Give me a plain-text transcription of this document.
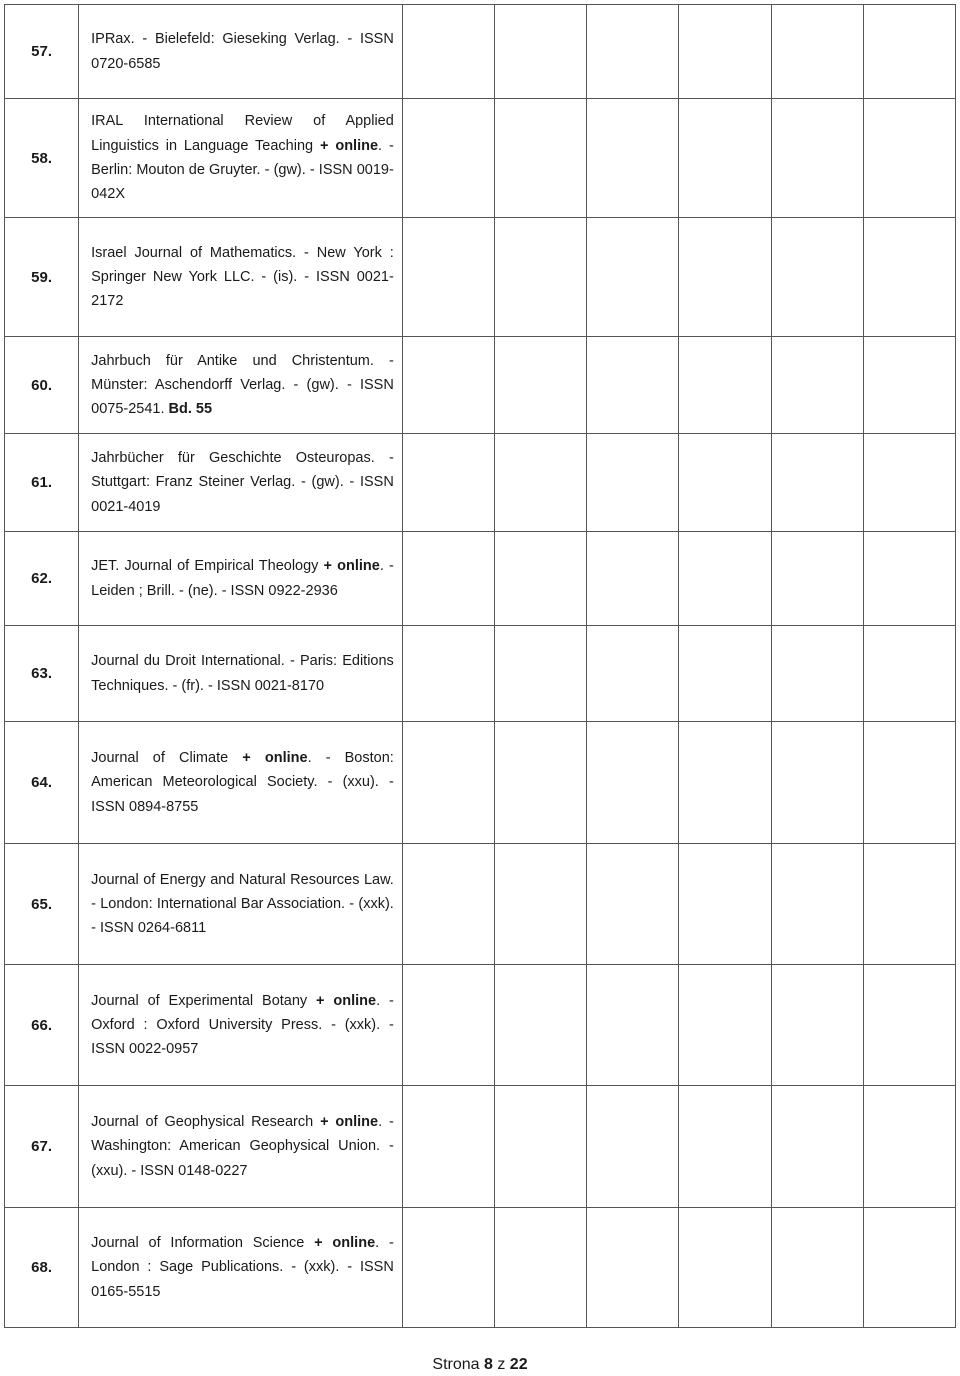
57.	IPRax. - Bielefeld: Gieseking Verlag. - ISSN 0720-6585						

58.	IRAL International Review of Applied Linguistics in Language Teaching + online. - Berlin: Mouton de Gruyter. - (gw). - ISSN 0019-042X						

59.	Israel Journal of Mathematics. - New York : Springer New York LLC. - (is). - ISSN 0021-2172						

60.	Jahrbuch für Antike und Christentum. - Münster: Aschendorff Verlag. - (gw). - ISSN 0075-2541. Bd. 55						

61.	Jahrbücher für Geschichte Osteuropas. - Stuttgart: Franz Steiner Verlag. - (gw). - ISSN 0021-4019						

62.	JET. Journal of Empirical Theology + online. - Leiden ; Brill. - (ne). - ISSN 0922-2936						

63.	Journal du Droit International. - Paris: Editions Techniques. - (fr). - ISSN 0021-8170						

64.	Journal of Climate + online. - Boston: American Meteorological Society. - (xxu). - ISSN 0894-8755						

65.	Journal of Energy and Natural Resources Law. - London: International Bar Association. - (xxk). - ISSN 0264-6811						

66.	Journal of Experimental Botany + online. - Oxford : Oxford University Press. - (xxk). - ISSN 0022-0957						

67.	Journal of Geophysical Research + online. - Washington: American Geophysical Union. - (xxu). - ISSN 0148-0227						

68.	Journal of Information Science + online. - London : Sage Publications. - (xxk). - ISSN 0165-5515						

Strona 8 z 22
